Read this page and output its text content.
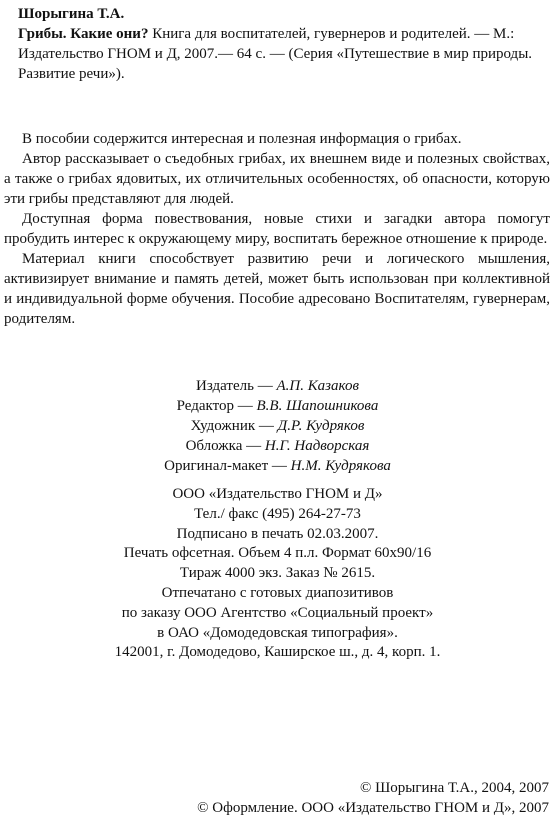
Шорыгина Т.А.

Грибы. Какие они? Книга для воспитателей, гувернеров и родителей. — М.: Издательство ГНОМ и Д, 2007.— 64 с. — (Серия «Путешествие в мир природы. Развитие речи»).

В пособии содержится интересная и полезная информация о грибах.

Автор рассказывает о съедобных грибах, их внешнем виде и полезных свойствах, а также о грибах ядовитых, их отличительных особенностях, об опасности, которую эти грибы представляют для людей.

Доступная форма повествования, новые стихи и загадки автора помогут пробудить интерес к окружающему миру, воспитать бережное отношение к природе.

Материал книги способствует развитию речи и логического мышления, активизирует внимание и память детей, может быть использован при коллективной и индивидуальной форме обучения. Пособие адресовано Воспитателям, гувернерам, родителям.

Издатель — А.П. Казаков
Редактор — В.В. Шапошникова
Художник — Д.Р. Кудряков
Обложка — Н.Г. Надворская
Оригинал-макет — Н.М. Кудрякова
ООО «Издательство ГНОМ и Д»
Тел./ факс (495) 264-27-73
Подписано в печать 02.03.2007.
Печать офсетная. Объем 4 п.л. Формат 60х90/16
Тираж 4000 экз. Заказ № 2615.
Отпечатано с готовых диапозитивов
по заказу ООО Агентство «Социальный проект»
в ОАО «Домодедовская типография».
142001, г. Домодедово, Каширское ш., д. 4, корп. 1.
© Шорыгина Т.А., 2004, 2007
© Оформление. ООО «Издательство ГНОМ и Д», 2007
